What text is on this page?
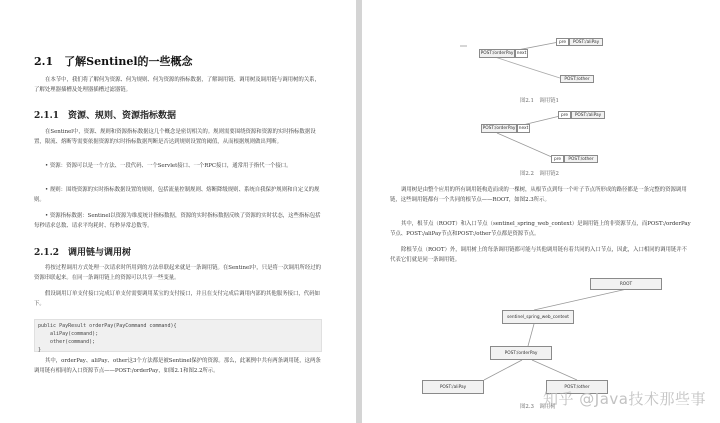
2.1　了解Sentinel的一些概念
在本节中，我们将了解何为资源、何为规则、何为资源的指标数据，了解调用链、调用树及调用链与调用树的关系，了解处理器插槽及处理器插槽过滤器链。
2.1.1　资源、规则、资源指标数据
在Sentinel中，资源、规则和资源指标数据这几个概念是密切相关的。规则需要围绕资源和资源的实时指标数据设置，限流、熔断等需要依据资源的实时指标数据判断是否达到规则设置的阈值，从而根据规则做出判断。
• 资源：资源可以是一个方法、一段代码、一个Servlet接口、一个RPC接口，通常用于指代一个接口。
• 规则：围绕资源的实时指标数据设置的规则，包括流量控制规则、熔断降级规则、系统自我保护规则和自定义的规则。
• 资源指标数据：Sentinel以资源为维度统计指标数据，资源的实时指标数据反映了资源的实时状态，这些指标包括每秒请求总数、请求平均耗时、每秒异常总数等。
2.1.2　调用链与调用树
将按过程调用方式处理一次请求时所用到的方法串联起来就是一条调用链。在Sentinel中，只是将一次调用所经过的资源串联起来。在同一条调用链上的资源可以共享一些变量。
假设调用订单支付接口完成订单支付需要调用某宝的支付接口，并且在支付完成后调用内部的其他服务接口，代码如下。
public PayResult orderPay(PayCommand command){
aliPay(command);
other(command);
}
其中，orderPay、aliPay、other这3个方法都是被Sentinel保护的资源。那么，此案例中共有两条调用链，这两条调用链有相同的入口资源节点——POST:/orderPay，如图2.1和图2.2所示。
pre	POST:/aliPay
POST:/orderPay next
POST:/other
图2.1　调用链1
pre	POST:/aliPay
POST:/orderPay next
pre	POST:/other
图2.2　调用链2
调用树是由整个应用的所有调用链构造而成的一棵树，从根节点到每一个叶子节点所形成的路径都是一条完整的资源调用链，这些调用链都有一个共同的根节点——ROOT，如图2.3所示。
其中，根节点（ROOT）和入口节点（sentinel_spring_web_context）是调用链上的非资源节点，而POST:/orderPay节点、POST:/aliPay节点和POST:/other节点都是资源节点。
除根节点（ROOT）外，调用树上的每条调用链都可能与其他调用链有着共同的入口节点，因此，入口相同的调用链并不代表它们就是同一条调用链。
ROOT
sentinel_spring_web_context
POST:/orderPay
POST:/aliPay	POST:/other
图2.3　调用树
知乎 @Java技术那些事
